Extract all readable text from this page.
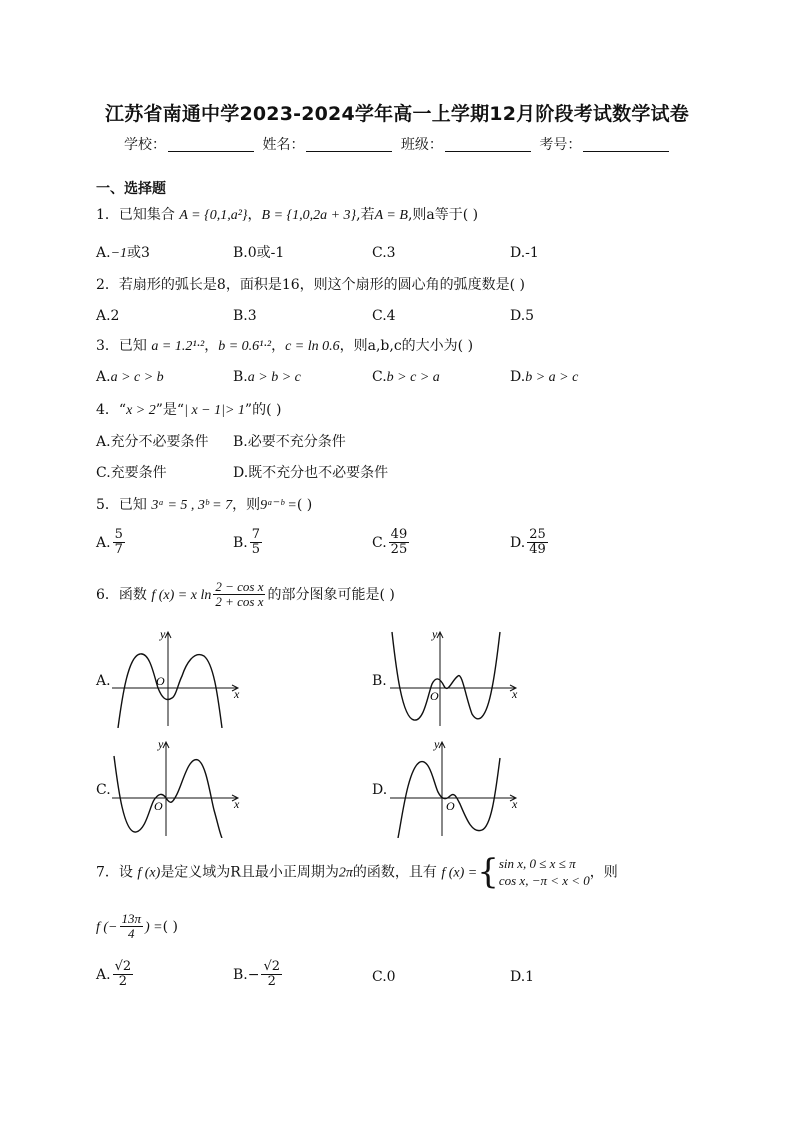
江苏省南通中学2023-2024学年高一上学期12月阶段考试数学试卷
学校：	姓名：	班级：	考号：
一、选择题
1．已知集合 A = {0,1,a²}，B = {1,0,2a + 3},若A = B,则a等于( )
A.−1或3	B.0或-1	C.3	D.-1
2．若扇形的弧长是8，面积是16，则这个扇形的圆心角的弧度数是( )
A.2	B.3	C.4	D.5
3．已知 a = 1.2¹·²，b = 0.6¹·²，c = ln 0.6，则a,b,c的大小为( )
A.a > c > b	B.a > b > c	C.b > c > a	D.b > a > c
4．“x > 2”是“| x − 1|> 1”的( )
A.充分不必要条件 B.必要不充分条件
C.充要条件	D.既不充分也不必要条件
5．已知 3ᵃ = 5 , 3ᵇ = 7，则9ᵃ⁻ᵇ =( )
A. $\frac{5}{7}$	B. $\frac{7}{5}$	C. $\frac{49}{25}$	D. $\frac{25}{49}$
6．函数 f (x) = x $\ln \frac{\text{2 − cos x}}{\text{2 + cos x}}$ 的部分图象可能是( )
A.	B.
C.	D.
x
y
O
x
y
O
x
y
O	x
y
O
7．设 f (x)是定义域为R且最小正周期为2π的函数，且有 f (x) ={ sin x, 0 ≤ x ≤ π
cos x, −π < x < 0
，则
f (− $\frac{13\pi}{4}$ ) =( )
A. $\frac{√2}{2}$	$B.- \frac{√2}{2}$	C.0	D.1
